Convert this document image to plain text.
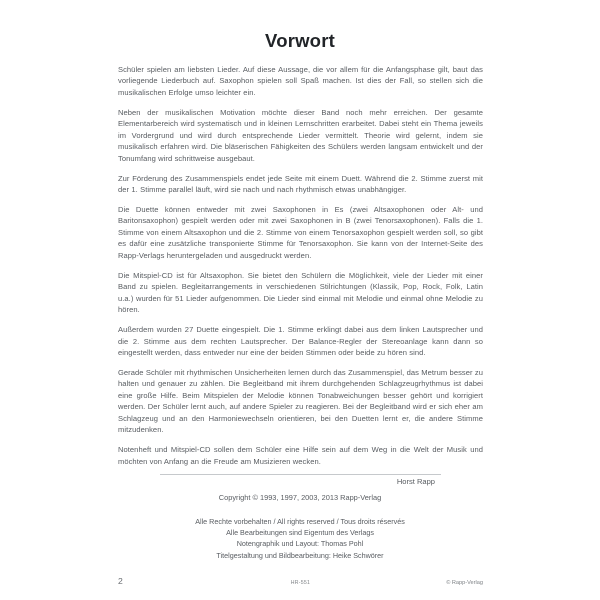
Vorwort

Schüler spielen am liebsten Lieder. Auf diese Aussage, die vor allem für die Anfangsphase gilt, baut das vorliegende Liederbuch auf. Saxophon spielen soll Spaß machen. Ist dies der Fall, so stellen sich die musikalischen Erfolge umso leichter ein.

Neben der musikalischen Motivation möchte dieser Band noch mehr erreichen. Der gesamte Elementarbereich wird systematisch und in kleinen Lernschritten erarbeitet. Dabei steht ein Thema jeweils im Vordergrund und wird durch entsprechende Lieder vermittelt. Theorie wird gelernt, indem sie musikalisch erfahren wird. Die bläserischen Fähigkeiten des Schülers werden langsam entwickelt und der Tonumfang wird schrittweise ausgebaut.

Zur Förderung des Zusammenspiels endet jede Seite mit einem Duett. Während die 2. Stimme zuerst mit der 1. Stimme parallel läuft, wird sie nach und nach rhythmisch etwas unabhängiger.

Die Duette können entweder mit zwei Saxophonen in Es (zwei Altsaxophonen oder Alt- und Baritonsaxophon) gespielt werden oder mit zwei Saxophonen in B (zwei Tenorsaxophonen). Falls die 1. Stimme von einem Altsaxophon und die 2. Stimme von einem Tenorsaxophon gespielt werden soll, so gibt es dafür eine zusätzliche transponierte Stimme für Tenorsaxophon. Sie kann von der Internet-Seite des Rapp-Verlags heruntergeladen und ausgedruckt werden.

Die Mitspiel-CD ist für Altsaxophon. Sie bietet den Schülern die Möglichkeit, viele der Lieder mit einer Band zu spielen. Begleitarrangements in verschiedenen Stilrichtungen (Klassik, Pop, Rock, Folk, Latin u.a.) wurden für 51 Lieder aufgenommen. Die Lieder sind einmal mit Melodie und einmal ohne Melodie zu hören.

Außerdem wurden 27 Duette eingespielt. Die 1. Stimme erklingt dabei aus dem linken Lautsprecher und die 2. Stimme aus dem rechten Lautsprecher. Der Balance-Regler der Stereoanlage kann dann so eingestellt werden, dass entweder nur eine der beiden Stimmen oder beide zu hören sind.

Gerade Schüler mit rhythmischen Unsicherheiten lernen durch das Zusammenspiel, das Metrum besser zu halten und genauer zu zählen. Die Begleitband mit ihrem durchgehenden Schlagzeugrhythmus ist dabei eine große Hilfe. Beim Mitspielen der Melodie können Tonabweichungen besser gehört und korrigiert werden. Der Schüler lernt auch, auf andere Spieler zu reagieren. Bei der Begleitband wird er sich eher am Schlagzeug und an den Harmoniewechseln orientieren, bei den Duetten lernt er, die andere Stimme mitzudenken.

Notenheft und Mitspiel-CD sollen dem Schüler eine Hilfe sein auf dem Weg in die Welt der Musik und möchten von Anfang an die Freude am Musizieren wecken.

Horst Rapp

Copyright © 1993, 1997, 2003, 2013 Rapp-Verlag

Alle Rechte vorbehalten / All rights reserved / Tous droits réservés

Alle Bearbeitungen sind Eigentum des Verlags

Notengraphik und Layout: Thomas Pohl

Titelgestaltung und Bildbearbeitung: Heike Schwörer

2	HR-551	© Rapp-Verlag
